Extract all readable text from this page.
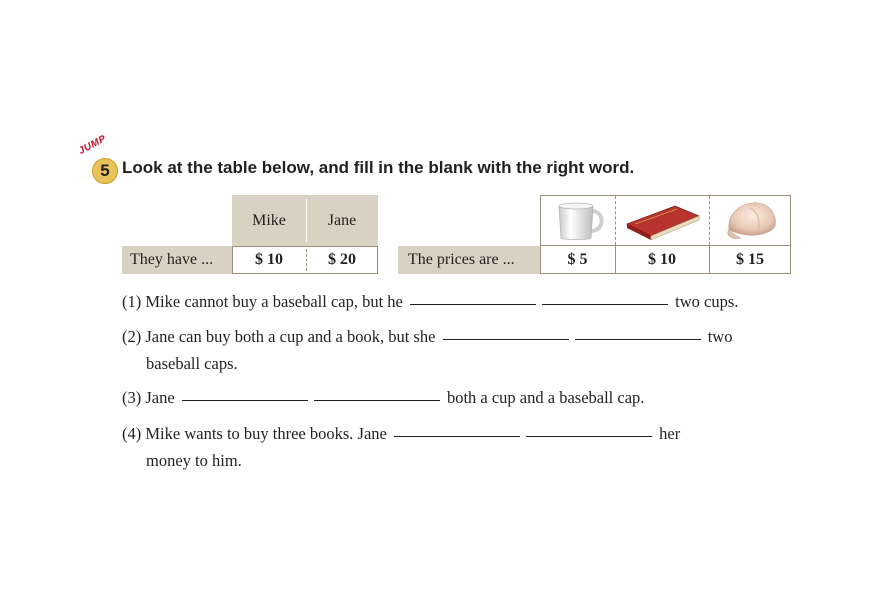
JUMP
5 Look at the table below, and fill in the blank with the right word.
Mike	Jane
They have ...	$ 10	$ 20	The prices are ...	$ 5	$ 10	$ 15
(1) Mike cannot buy a baseball cap, but he	two cups.
(2) Jane can buy both a cup and a book, but she	two
baseball caps.
(3) Jane	both a cup and a baseball cap.
(4) Mike wants to buy three books. Jane	her
money to him.
